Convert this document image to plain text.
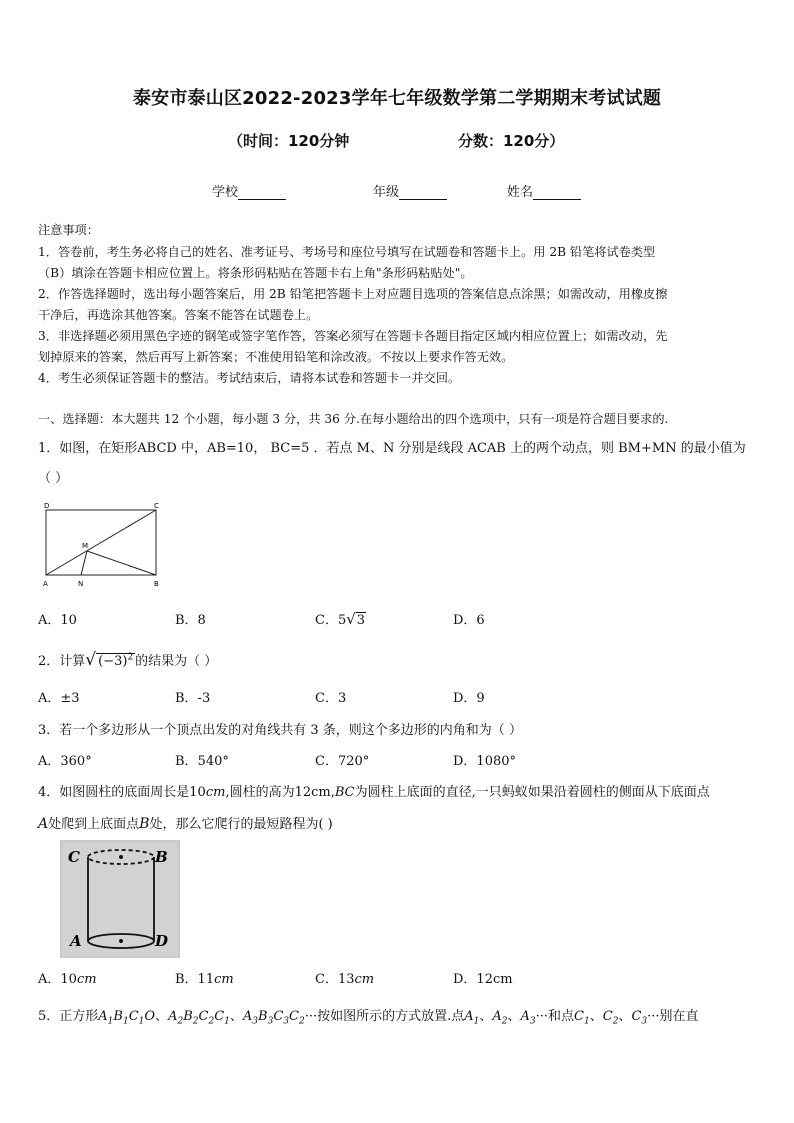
泰安市泰山区2022-2023学年七年级数学第二学期期末考试试题
（时间：120分钟	分数：120分）
学校	年级	姓名
注意事项：
1．答卷前，考生务必将自己的姓名、准考证号、考场号和座位号填写在试题卷和答题卡上。用 2B 铅笔将试卷类型
（B）填涂在答题卡相应位置上。将条形码粘贴在答题卡右上角"条形码粘贴处"。
2．作答选择题时，选出每小题答案后，用 2B 铅笔把答题卡上对应题目选项的答案信息点涂黑；如需改动，用橡皮擦
干净后，再选涂其他答案。答案不能答在试题卷上。
3．非选择题必须用黑色字迹的钢笔或签字笔作答，答案必须写在答题卡各题目指定区域内相应位置上；如需改动，先
划掉原来的答案，然后再写上新答案；不准使用铅笔和涂改液。不按以上要求作答无效。
4．考生必须保证答题卡的整洁。考试结束后，请将本试卷和答题卡一并交回。
一、选择题：本大题共 12 个小题，每小题 3 分，共 36 分.在每小题给出的四个选项中，只有一项是符合题目要求的.
1．如图，在矩形ABCD 中，AB=10， BC=5 ．若点 M、N 分别是线段 ACAB 上的两个动点，则 BM+MN 的最小值为
（ ）
D	C
M
A	N	B
A．10	B．8	C．5√3	D．6
2．计算√ $(-3)^2$ 的结果为（ ）
A．±3	B．-3	C．3	D．9
3．若一个多边形从一个顶点出发的对角线共有 3 条，则这个多边形的内角和为（ ）
A．360°	B．540°	C．720°	D．1080°
4．如图圆柱的底面周长是10cm,圆柱的高为12cm,BC为圆柱上底面的直径,一只蚂蚁如果沿着圆柱的侧面从下底面点
A处爬到上底面点B处，那么它爬行的最短路程为( )
C	B
A	D
A．10cm	B．11cm	C．13cm	D．12cm
5．正方形$A_1B_1C_1O$、$A_2B_2C_2C_1$、$A_3B_3C_3C_2\cdot\cdot\cdot$按如图所示的方式放置.点$A_1$、$A_2$、$A_3\cdot\cdot\cdot$和点$C_1$、$C_2$、$C_3\cdot\cdot\cdot$别在直
